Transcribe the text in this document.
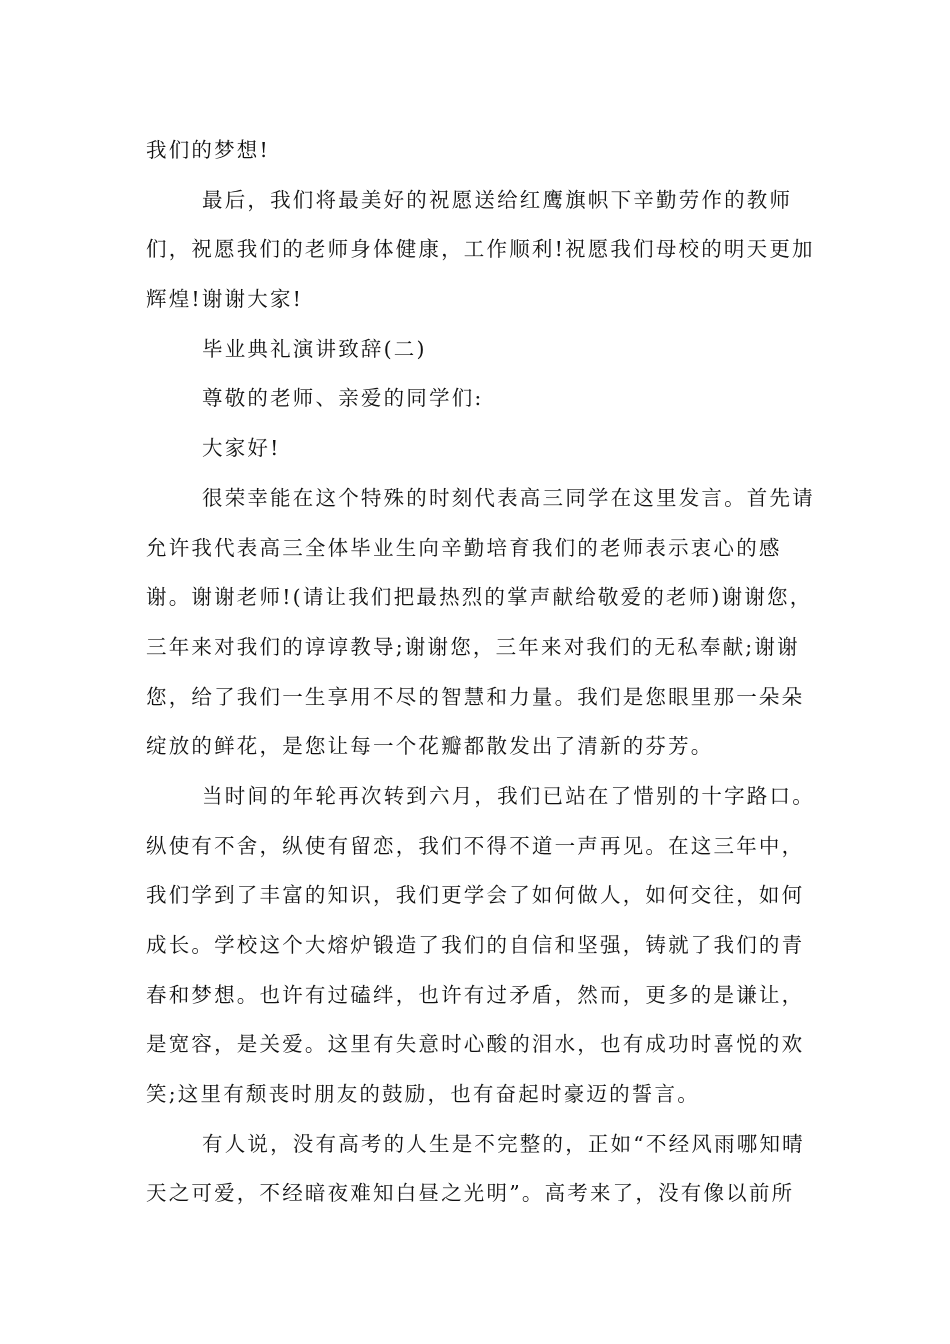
我们的梦想!
最后，我们将最美好的祝愿送给红鹰旗帜下辛勤劳作的教师
们，祝愿我们的老师身体健康，工作顺利!祝愿我们母校的明天更加
辉煌!谢谢大家!
毕业典礼演讲致辞(二)
尊敬的老师、亲爱的同学们:
大家好!
很荣幸能在这个特殊的时刻代表高三同学在这里发言。首先请
允许我代表高三全体毕业生向辛勤培育我们的老师表示衷心的感
谢。谢谢老师!(请让我们把最热烈的掌声献给敬爱的老师)谢谢您，
三年来对我们的谆谆教导;谢谢您，三年来对我们的无私奉献;谢谢
您，给了我们一生享用不尽的智慧和力量。我们是您眼里那一朵朵
绽放的鲜花，是您让每一个花瓣都散发出了清新的芬芳。
当时间的年轮再次转到六月，我们已站在了惜别的十字路口。
纵使有不舍，纵使有留恋，我们不得不道一声再见。在这三年中，
我们学到了丰富的知识，我们更学会了如何做人，如何交往，如何
成长。学校这个大熔炉锻造了我们的自信和坚强，铸就了我们的青
春和梦想。也许有过磕绊，也许有过矛盾，然而，更多的是谦让，
是宽容，是关爱。这里有失意时心酸的泪水，也有成功时喜悦的欢
笑;这里有颓丧时朋友的鼓励，也有奋起时豪迈的誓言。
有人说，没有高考的人生是不完整的，正如“不经风雨哪知晴
天之可爱，不经暗夜难知白昼之光明”。高考来了，没有像以前所
